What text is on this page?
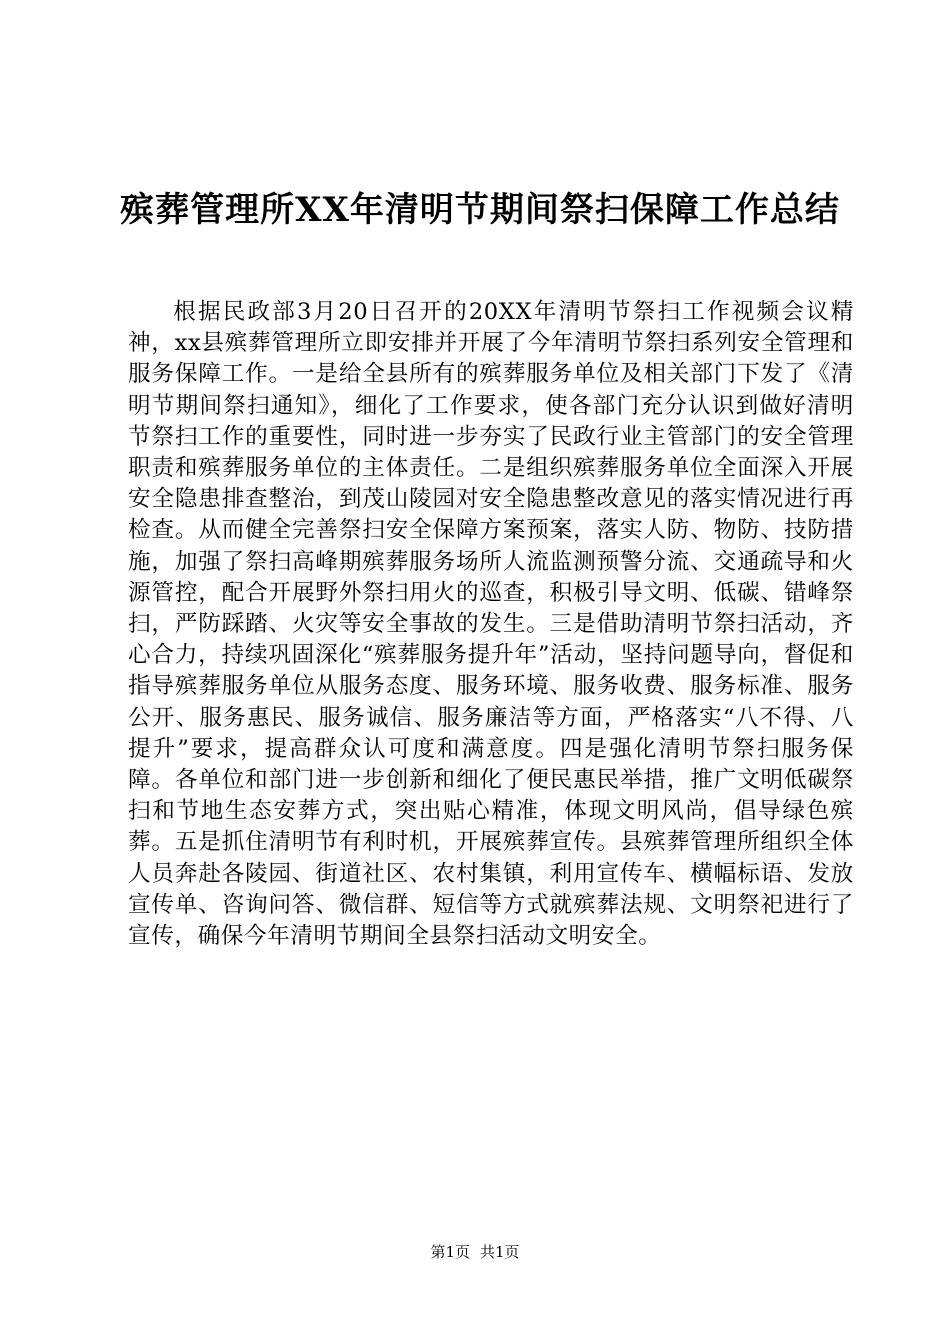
殡葬管理所XX年清明节期间祭扫保障工作总结

根据民政部3月20日召开的20XX年清明节祭扫工作视频会议精神，xx县殡葬管理所立即安排并开展了今年清明节祭扫系列安全管理和服务保障工作。一是给全县所有的殡葬服务单位及相关部门下发了《清明节期间祭扫通知》，细化了工作要求，使各部门充分认识到做好清明节祭扫工作的重要性，同时进一步夯实了民政行业主管部门的安全管理职责和殡葬服务单位的主体责任。二是组织殡葬服务单位全面深入开展安全隐患排查整治，到茂山陵园对安全隐患整改意见的落实情况进行再检查。从而健全完善祭扫安全保障方案预案，落实人防、物防、技防措施，加强了祭扫高峰期殡葬服务场所人流监测预警分流、交通疏导和火源管控，配合开展野外祭扫用火的巡查，积极引导文明、低碳、错峰祭扫，严防踩踏、火灾等安全事故的发生。三是借助清明节祭扫活动，齐心合力，持续巩固深化“殡葬服务提升年”活动，坚持问题导向，督促和指导殡葬服务单位从服务态度、服务环境、服务收费、服务标准、服务公开、服务惠民、服务诚信、服务廉洁等方面，严格落实“八不得、八提升”要求，提高群众认可度和满意度。四是强化清明节祭扫服务保障。各单位和部门进一步创新和细化了便民惠民举措，推广文明低碳祭扫和节地生态安葬方式，突出贴心精准，体现文明风尚，倡导绿色殡葬。五是抓住清明节有利时机，开展殡葬宣传。县殡葬管理所组织全体人员奔赴各陵园、街道社区、农村集镇，利用宣传车、横幅标语、发放宣传单、咨询问答、微信群、短信等方式就殡葬法规、文明祭祀进行了宣传，确保今年清明节期间全县祭扫活动文明安全。

第1页 共1页
